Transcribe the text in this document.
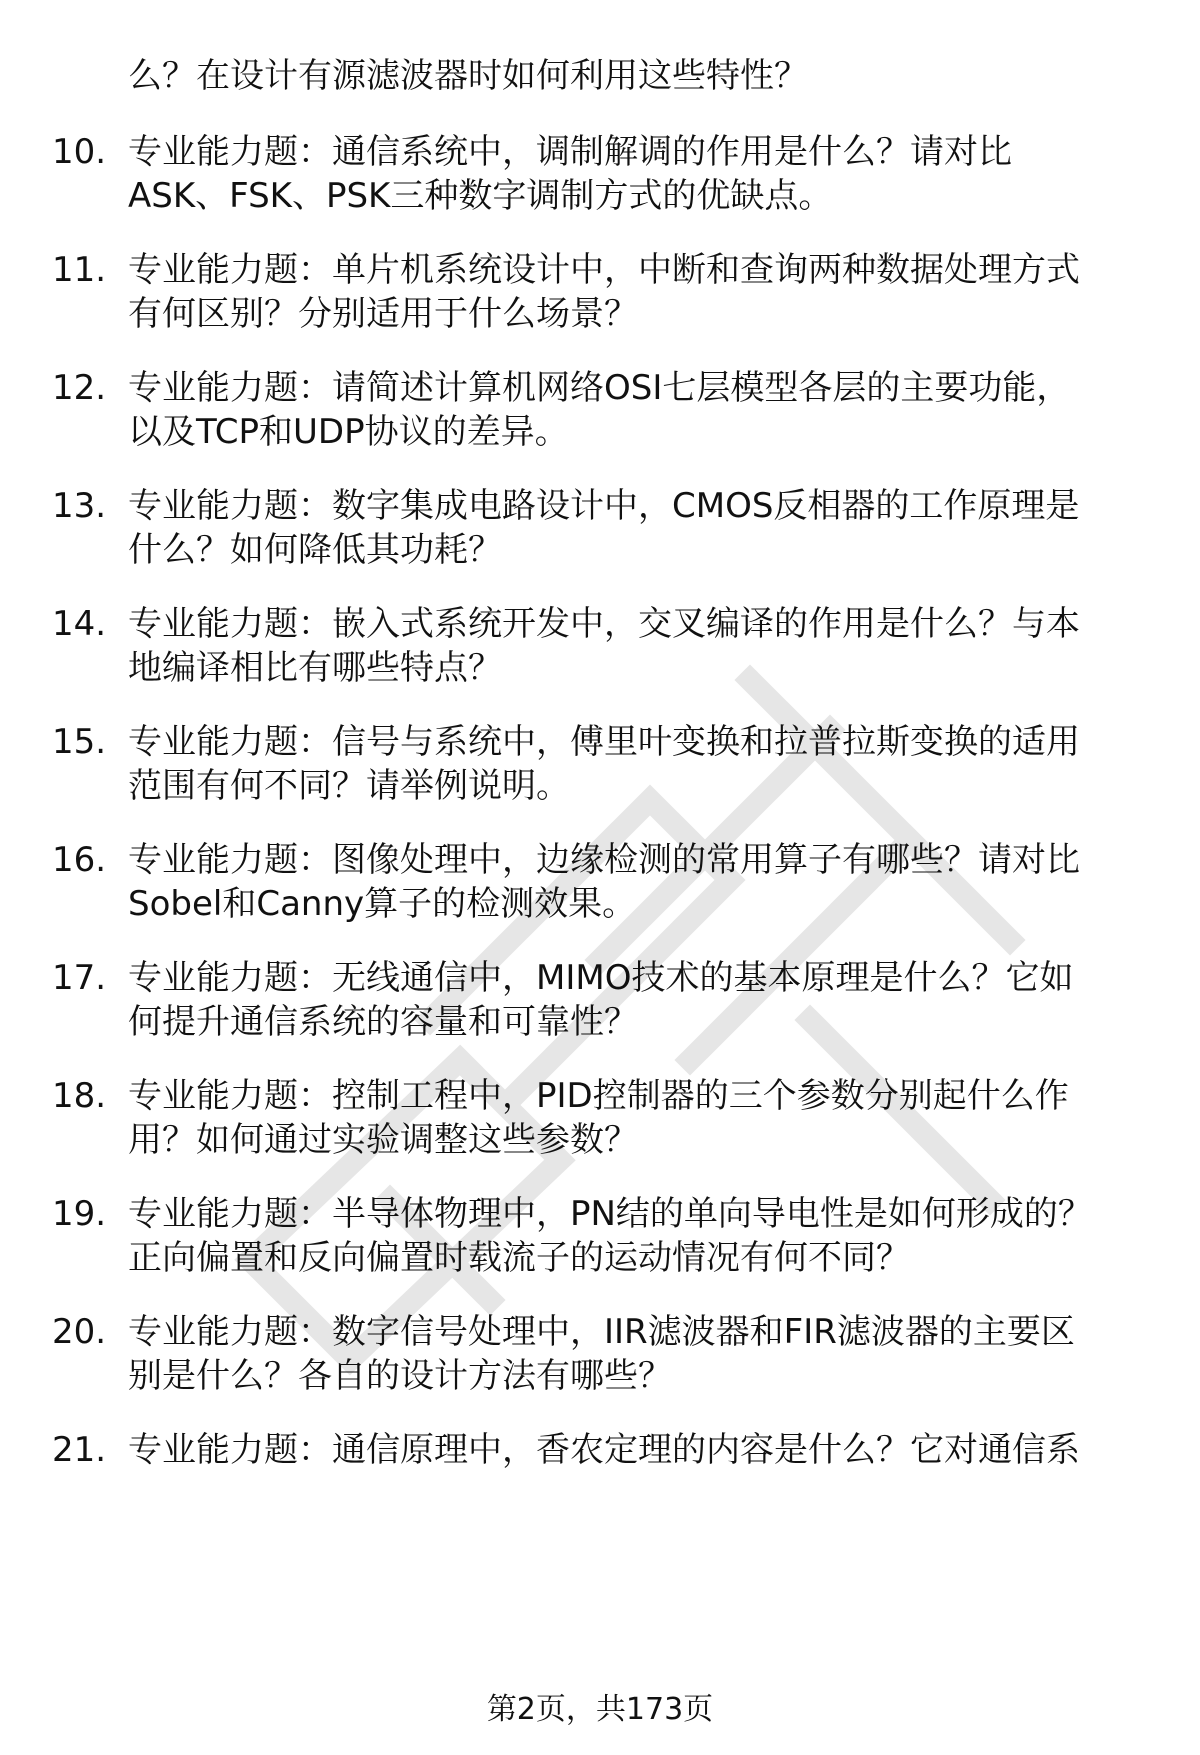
么？在设计有源滤波器时如何利用这些特性？
10. 专业能力题：通信系统中，调制解调的作用是什么？请对比
ASK、FSK、PSK三种数字调制方式的优缺点。
11. 专业能力题：单片机系统设计中，中断和查询两种数据处理方式
有何区别？分别适用于什么场景？
12. 专业能力题：请简述计算机网络OSI七层模型各层的主要功能，
以及TCP和UDP协议的差异。
13. 专业能力题：数字集成电路设计中，CMOS反相器的工作原理是
什么？如何降低其功耗？
14. 专业能力题：嵌入式系统开发中，交叉编译的作用是什么？与本
地编译相比有哪些特点？
15. 专业能力题：信号与系统中，傅里叶变换和拉普拉斯变换的适用
范围有何不同？请举例说明。
16. 专业能力题：图像处理中，边缘检测的常用算子有哪些？请对比
Sobel和Canny算子的检测效果。
17. 专业能力题：无线通信中，MIMO技术的基本原理是什么？它如
何提升通信系统的容量和可靠性？
18. 专业能力题：控制工程中，PID控制器的三个参数分别起什么作
用？如何通过实验调整这些参数？
19. 专业能力题：半导体物理中，PN结的单向导电性是如何形成的？
正向偏置和反向偏置时载流子的运动情况有何不同？
20. 专业能力题：数字信号处理中，IIR滤波器和FIR滤波器的主要区
别是什么？各自的设计方法有哪些？
21. 专业能力题：通信原理中，香农定理的内容是什么？它对通信系
第2页，共173页
